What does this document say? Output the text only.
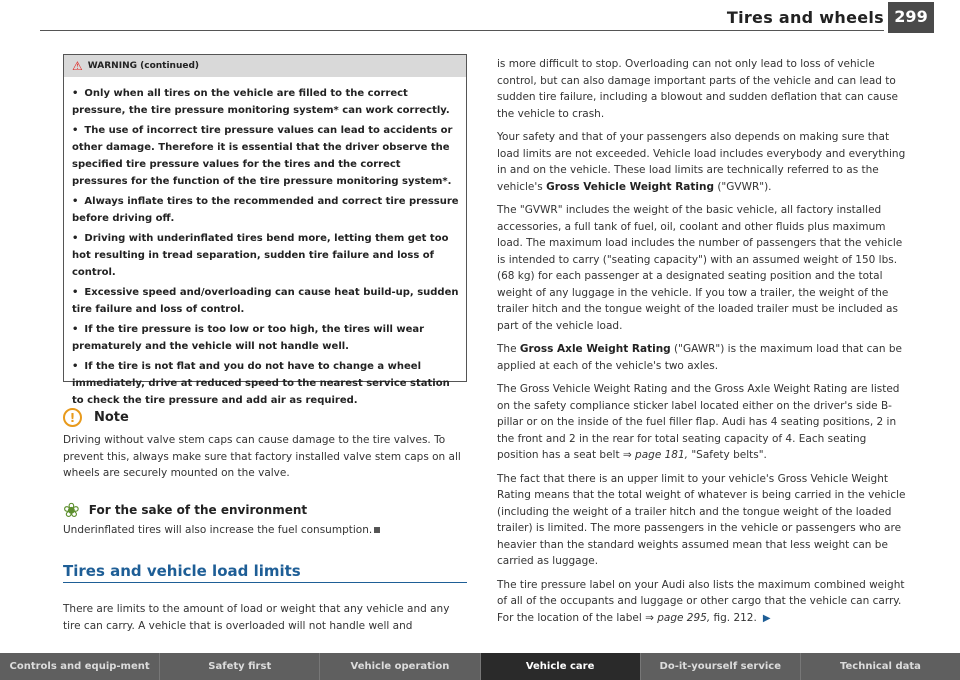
Tires and wheels 299
⚠ WARNING (continued)
• Only when all tires on the vehicle are filled to the correct pressure, the tire pressure monitoring system* can work correctly.
• The use of incorrect tire pressure values can lead to accidents or other damage. Therefore it is essential that the driver observe the specified tire pressure values for the tires and the correct pressures for the function of the tire pressure monitoring system*.
• Always inflate tires to the recommended and correct tire pressure before driving off.
• Driving with underinflated tires bend more, letting them get too hot resulting in tread separation, sudden tire failure and loss of control.
• Excessive speed and/overloading can cause heat build-up, sudden tire failure and loss of control.
• If the tire pressure is too low or too high, the tires will wear prematurely and the vehicle will not handle well.
• If the tire is not flat and you do not have to change a wheel immediately, drive at reduced speed to the nearest service station to check the tire pressure and add air as required.
!	Note
Driving without valve stem caps can cause damage to the tire valves. To prevent this, always make sure that factory installed valve stem caps on all wheels are securely mounted on the valve.
❀ For the sake of the environment
Underinflated tires will also increase the fuel consumption.
Tires and vehicle load limits
There are limits to the amount of load or weight that any vehicle and any tire can carry. A vehicle that is overloaded will not handle well and

is more difficult to stop. Overloading can not only lead to loss of vehicle control, but can also damage important parts of the vehicle and can lead to sudden tire failure, including a blowout and sudden deflation that can cause the vehicle to crash.

Your safety and that of your passengers also depends on making sure that load limits are not exceeded. Vehicle load includes everybody and everything in and on the vehicle. These load limits are technically referred to as the vehicle's Gross Vehicle Weight Rating ("GVWR").

The "GVWR" includes the weight of the basic vehicle, all factory installed accessories, a full tank of fuel, oil, coolant and other fluids plus maximum load. The maximum load includes the number of passengers that the vehicle is intended to carry ("seating capacity") with an assumed weight of 150 lbs. (68 kg) for each passenger at a designated seating position and the total weight of any luggage in the vehicle. If you tow a trailer, the weight of the trailer hitch and the tongue weight of the loaded trailer must be included as part of the vehicle load.

The Gross Axle Weight Rating ("GAWR") is the maximum load that can be applied at each of the vehicle's two axles.

The Gross Vehicle Weight Rating and the Gross Axle Weight Rating are listed on the safety compliance sticker label located either on the driver's side B-pillar or on the inside of the fuel filler flap. Audi has 4 seating positions, 2 in the front and 2 in the rear for total seating capacity of 4. Each seating position has a seat belt ⇒ page 181, "Safety belts".

The fact that there is an upper limit to your vehicle's Gross Vehicle Weight Rating means that the total weight of whatever is being carried in the vehicle (including the weight of a trailer hitch and the tongue weight of the loaded trailer) is limited. The more passengers in the vehicle or passengers who are heavier than the standard weights assumed mean that less weight can be carried as luggage.

The tire pressure label on your Audi also lists the maximum combined weight of all of the occupants and luggage or other cargo that the vehicle can carry. For the location of the label ⇒ page 295, fig. 212. ▶

Controls and equip-ment	Safety first	Vehicle operation	Vehicle care	Do-it-yourself service	Technical data
